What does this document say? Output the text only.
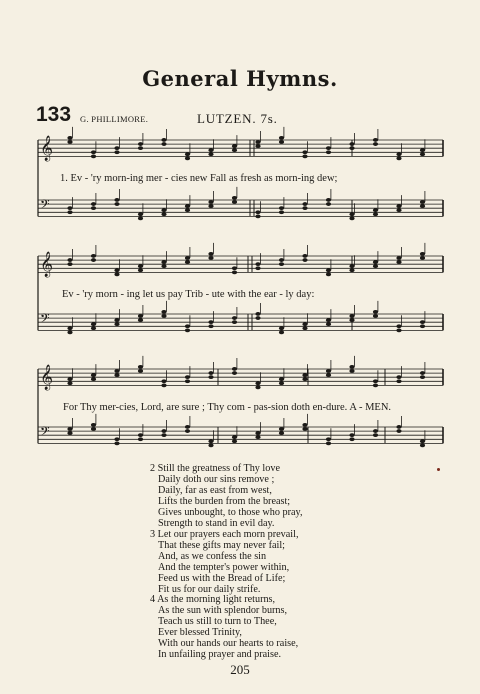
General Hymns.
133 G. PHILLIMORE.	LUTZEN. 7s.
𝄞
𝄢
𝄞
𝄢
𝄞
𝄢
1. Ev - 'ry morn-ing mer - cies new Fall as fresh as morn-ing dew;
Ev - 'ry morn - ing let us pay Trib - ute with the ear - ly day:
For Thy mer-cies, Lord, are sure ; Thy com - pas-sion doth en-dure. A - MEN.
2 Still the greatness of Thy love
Daily doth our sins remove ;
Daily, far as east from west,
Lifts the burden from the breast;
Gives unbought, to those who pray,
Strength to stand in evil day.
3 Let our prayers each morn prevail,
That these gifts may never fail;
And, as we confess the sin
And the tempter's power within,
Feed us with the Bread of Life;
Fit us for our daily strife.
4 As the morning light returns,
As the sun with splendor burns,
Teach us still to turn to Thee,
Ever blessed Trinity,
With our hands our hearts to raise,
In unfailing prayer and praise.
205
